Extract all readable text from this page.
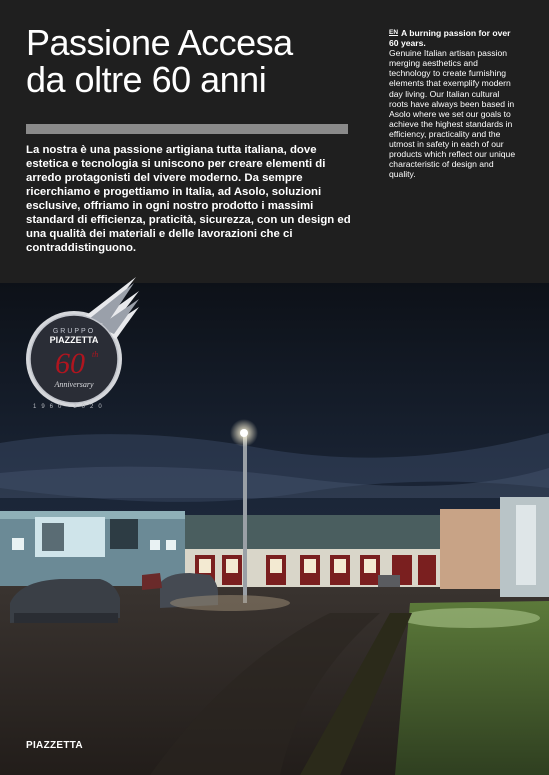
Passione Accesa
da oltre 60 anni
La nostra è una passione artigiana tutta italiana, dove estetica e tecnologia si uniscono per creare elementi di arredo protagonisti del vivere moderno. Da sempre ricerchiamo e progettiamo in Italia, ad Asolo, soluzioni esclusive, offriamo in ogni nostro prodotto i massimi standard di efficienza, praticità, sicurezza, con un design ed una qualità dei materiali e delle lavorazioni che ci contraddistinguono.
$^{EN}$ A burning passion for over 60 years.
Genuine Italian artisan passion merging aesthetics and technology to create furnishing elements that exemplify modern day living. Our Italian cultural roots have always been based in Asolo where we set our goals to achieve the highest standards in efficiency, practicality and the utmost in safety in each of our products which reflect our unique characteristic of design and quality.
GRUPPO
PIAZZETTA
60 th
Anniversary
1960-2020
PIAZZETTA
